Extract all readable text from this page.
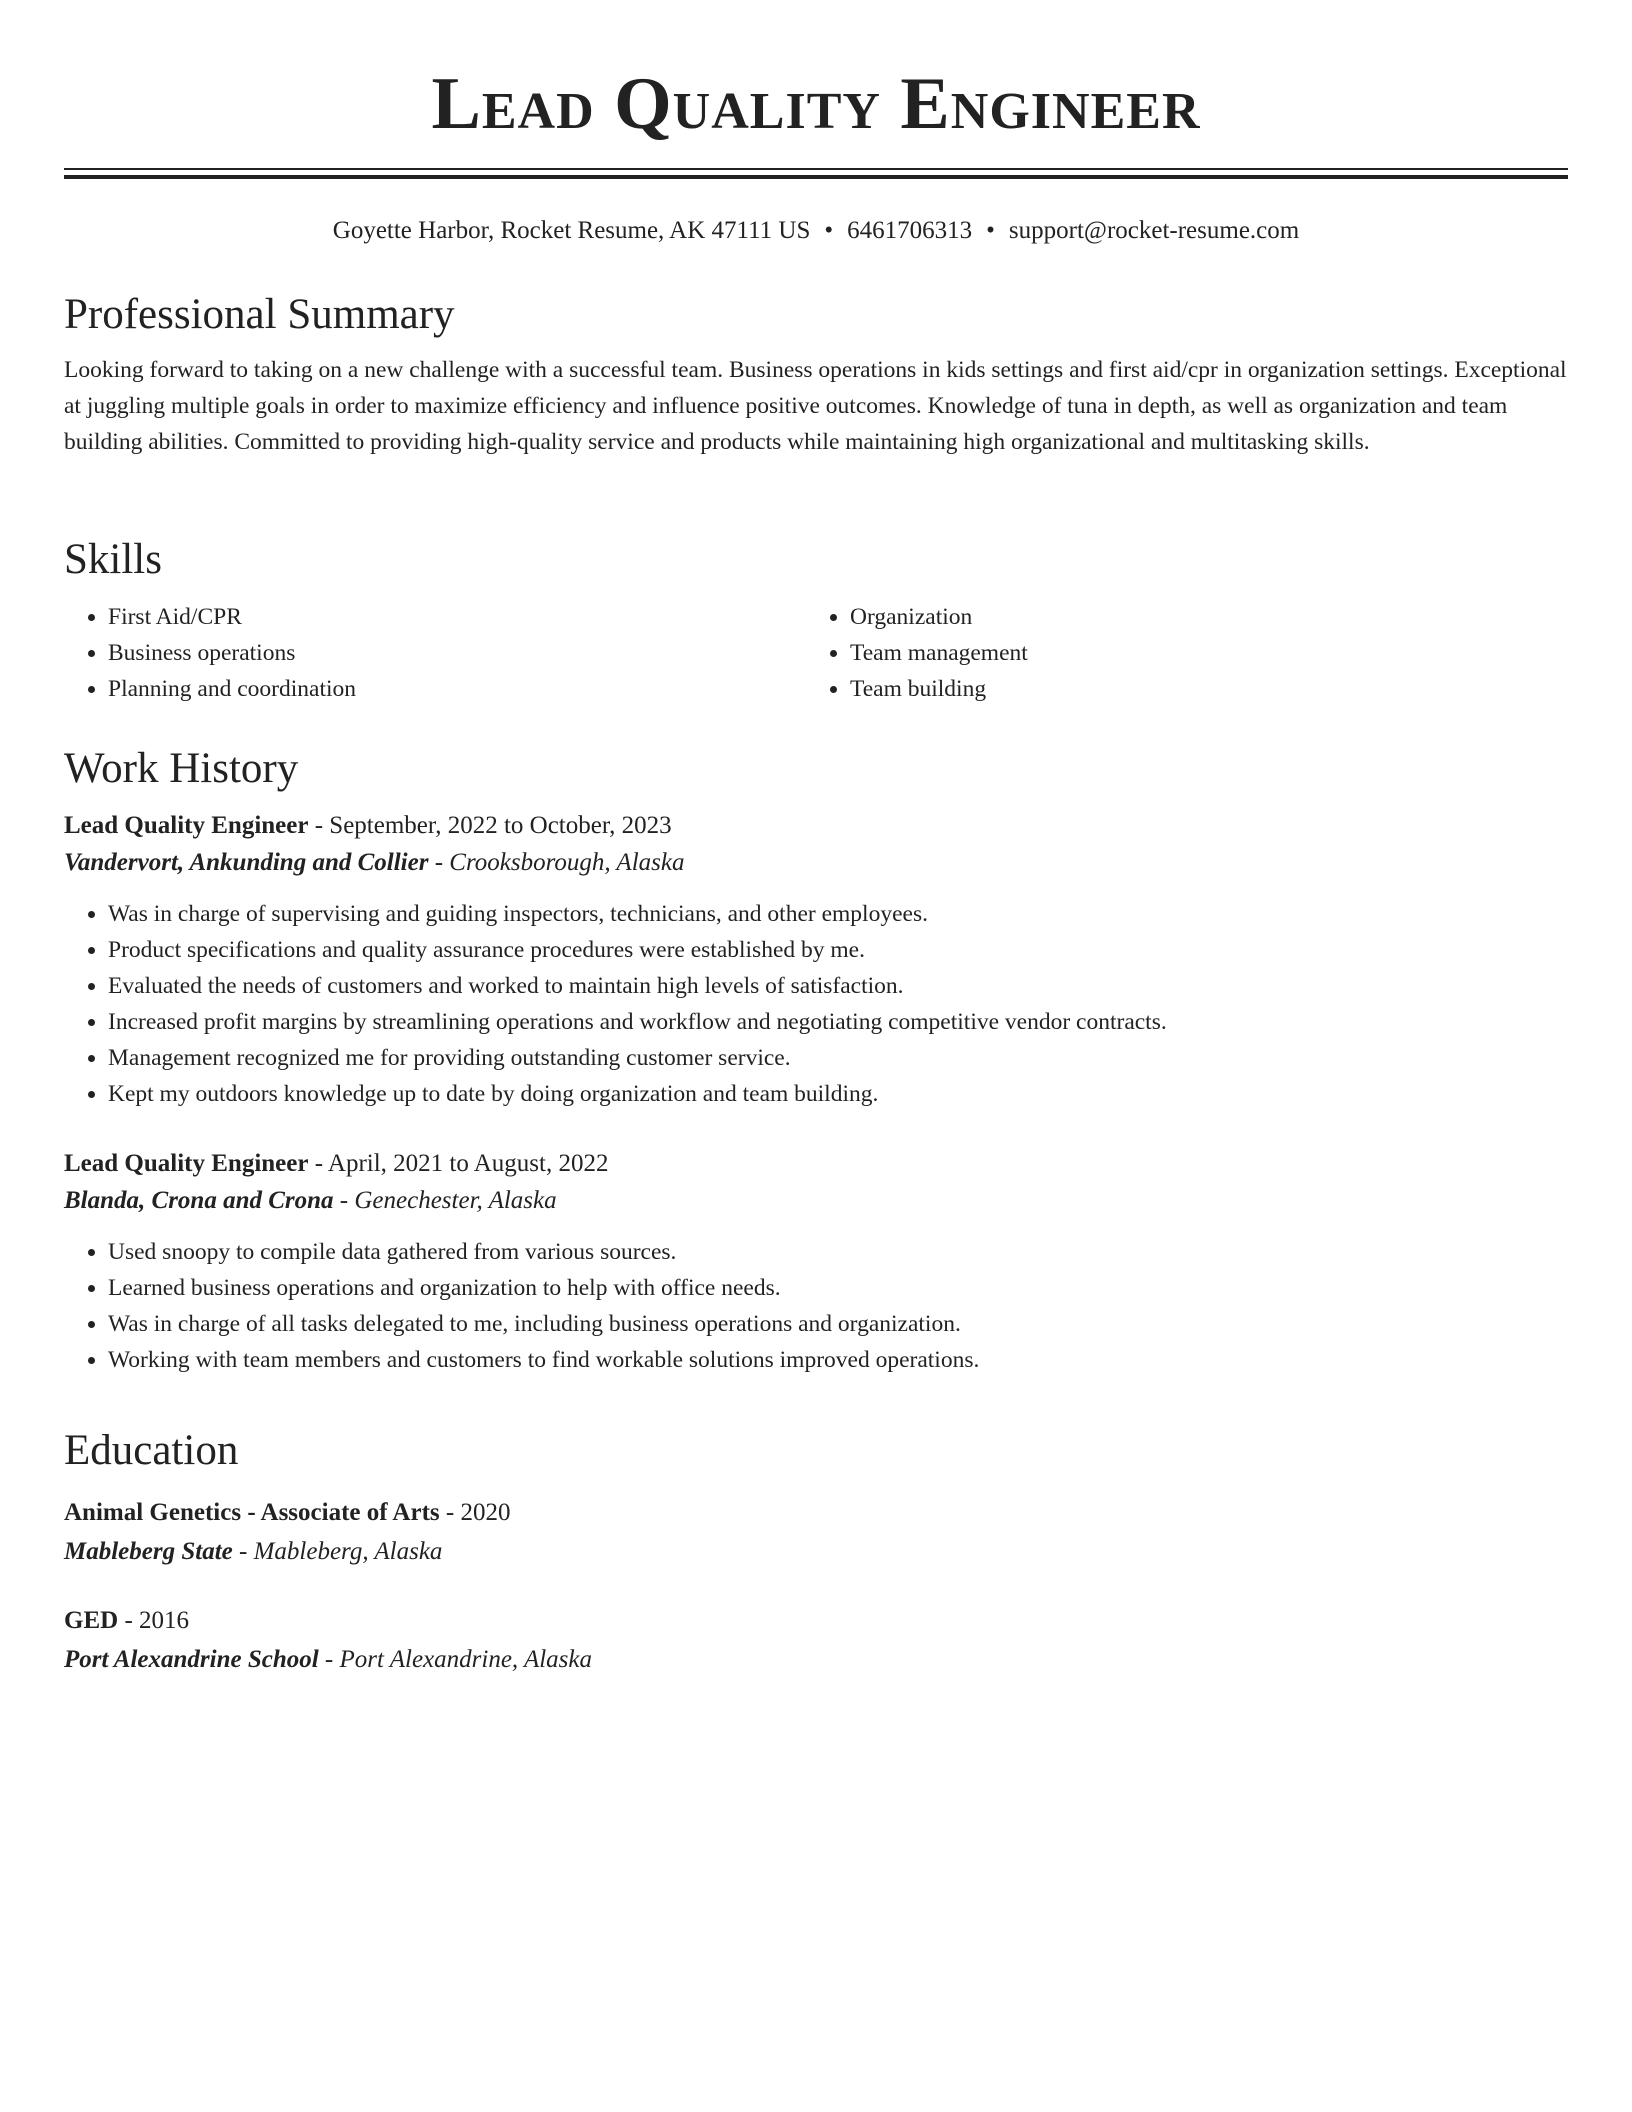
Lead Quality Engineer
Goyette Harbor, Rocket Resume, AK 47111 US • 6461706313 • support@rocket-resume.com
Professional Summary

Looking forward to taking on a new challenge with a successful team. Business operations in kids settings and first aid/cpr in organization settings. Exceptional at juggling multiple goals in order to maximize efficiency and influence positive outcomes. Knowledge of tuna in depth, as well as organization and team building abilities. Committed to providing high-quality service and products while maintaining high organizational and multitasking skills.

Skills
• First Aid/CPR
• Business operations
• Planning and coordination
• Organization
• Team management
• Team building
Work History
Lead Quality Engineer - September, 2022 to October, 2023
Vandervort, Ankunding and Collier - Crooksborough, Alaska
• Was in charge of supervising and guiding inspectors, technicians, and other employees.
• Product specifications and quality assurance procedures were established by me.
• Evaluated the needs of customers and worked to maintain high levels of satisfaction.
• Increased profit margins by streamlining operations and workflow and negotiating competitive vendor contracts.
• Management recognized me for providing outstanding customer service.
• Kept my outdoors knowledge up to date by doing organization and team building.
Lead Quality Engineer - April, 2021 to August, 2022
Blanda, Crona and Crona - Genechester, Alaska
• Used snoopy to compile data gathered from various sources.
• Learned business operations and organization to help with office needs.
• Was in charge of all tasks delegated to me, including business operations and organization.
• Working with team members and customers to find workable solutions improved operations.
Education
Animal Genetics - Associate of Arts - 2020
Mableberg State - Mableberg, Alaska
GED - 2016
Port Alexandrine School - Port Alexandrine, Alaska
